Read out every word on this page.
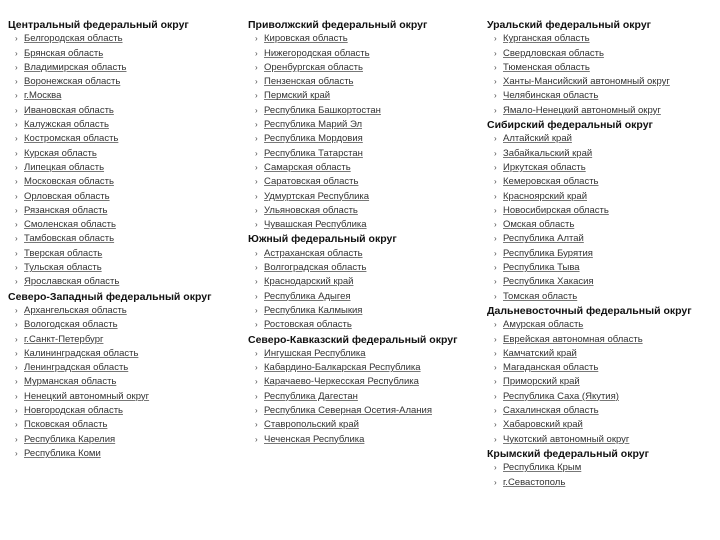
Центральный федеральный округ
› Белгородская область
› Брянская область
› Владимирская область
› Воронежская область
› г.Москва
› Ивановская область
› Калужская область
› Костромская область
› Курская область
› Липецкая область
› Московская область
› Орловская область
› Рязанская область
› Смоленская область
› Тамбовская область
› Тверская область
› Тульская область
› Ярославская область
Северо-Западный федеральный округ
› Архангельская область
› Вологодская область
› г.Санкт-Петербург
› Калининградская область
› Ленинградская область
› Мурманская область
› Ненецкий автономный округ
› Новгородская область
› Псковская область
› Республика Карелия
› Республика Коми
Приволжский федеральный округ
› Кировская область
› Нижегородская область
› Оренбургская область
› Пензенская область
› Пермский край
› Республика Башкортостан
› Республика Марий Эл
› Республика Мордовия
› Республика Татарстан
› Самарская область
› Саратовская область
› Удмуртская Республика
› Ульяновская область
› Чувашская Республика
Южный федеральный округ
› Астраханская область
› Волгоградская область
› Краснодарский край
› Республика Адыгея
› Республика Калмыкия
› Ростовская область
Северо-Кавказский федеральный округ
› Ингушская Республика
› Кабардино-Балкарская Республика
› Карачаево-Черкесская Республика
› Республика Дагестан
› Республика Северная Осетия-Алания
› Ставропольский край
› Чеченская Республика
Уральский федеральный округ
› Курганская область
› Свердловская область
› Тюменская область
› Ханты-Мансийский автономный округ
› Челябинская область
› Ямало-Ненецкий автономный округ
Сибирский федеральный округ
› Алтайский край
› Забайкальский край
› Иркутская область
› Кемеровская область
› Красноярский край
› Новосибирская область
› Омская область
› Республика Алтай
› Республика Бурятия
› Республика Тыва
› Республика Хакасия
› Томская область
Дальневосточный федеральный округ
› Амурская область
› Еврейская автономная область
› Камчатский край
› Магаданская область
› Приморский край
› Республика Саха (Якутия)
› Сахалинская область
› Хабаровский край
› Чукотский автономный округ
Крымский федеральный округ
› Республика Крым
› г.Севастополь
